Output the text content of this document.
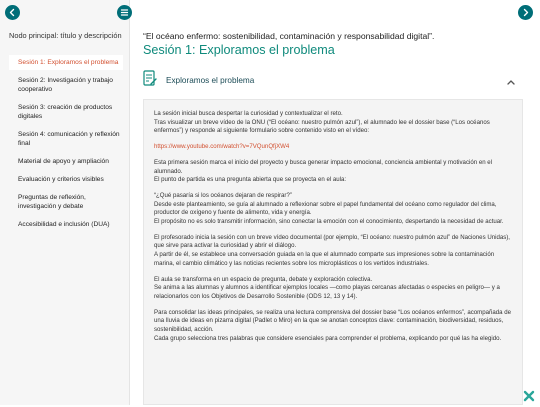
Nodo principal: título y descripción
Sesión 1: Exploramos el problema
Sesión 2: Investigación y trabajo cooperativo
Sesión 3: creación de productos digitales
Sesión 4: comunicación y reflexión final
Material de apoyo y ampliación
Evaluación y criterios visibles
Preguntas de reflexión, investigación y debate
Accesibilidad e inclusión (DUA)
“El océano enfermo: sostenibilidad, contaminación y responsabilidad digital”.
Sesión 1: Exploramos el problema
Exploramos el problema

La sesión inicial busca despertar la curiosidad y contextualizar el reto.
Tras visualizar un breve vídeo de la ONU (“El océano: nuestro pulmón azul”), el alumnado lee el dossier base (“Los océanos enfermos”) y responde al siguiente formulario sobre contenido visto en el vídeo:

https://www.youtube.com/watch?v=7VQunQfjXW4

Esta primera sesión marca el inicio del proyecto y busca generar impacto emocional, conciencia ambiental y motivación en el alumnado.
El punto de partida es una pregunta abierta que se proyecta en el aula:

“¿Qué pasaría si los océanos dejaran de respirar?”
Desde este planteamiento, se guía al alumnado a reflexionar sobre el papel fundamental del océano como regulador del clima, productor de oxígeno y fuente de alimento, vida y energía.
El propósito no es solo transmitir información, sino conectar la emoción con el conocimiento, despertando la necesidad de actuar.

El profesorado inicia la sesión con un breve vídeo documental (por ejemplo, “El océano: nuestro pulmón azul” de Naciones Unidas), que sirve para activar la curiosidad y abrir el diálogo.
A partir de él, se establece una conversación guiada en la que el alumnado comparte sus impresiones sobre la contaminación marina, el cambio climático y las noticias recientes sobre los microplásticos o los vertidos industriales.

El aula se transforma en un espacio de pregunta, debate y exploración colectiva.
Se anima a las alumnas y alumnos a identificar ejemplos locales —como playas cercanas afectadas o especies en peligro— y a relacionarlos con los Objetivos de Desarrollo Sostenible (ODS 12, 13 y 14).

Para consolidar las ideas principales, se realiza una lectura comprensiva del dossier base “Los océanos enfermos”, acompañada de una lluvia de ideas en pizarra digital (Padlet o Miro) en la que se anotan conceptos clave: contaminación, biodiversidad, residuos, sostenibilidad, acción.
Cada grupo selecciona tres palabras que considere esenciales para comprender el problema, explicando por qué las ha elegido.
